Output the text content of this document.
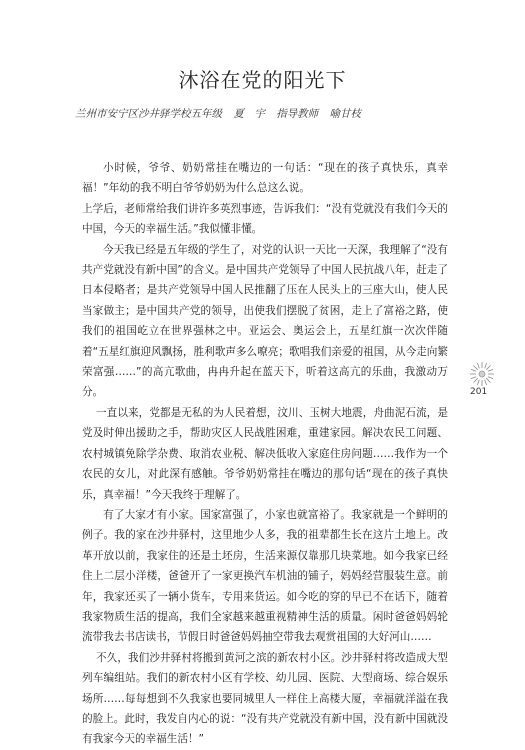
沐浴在党的阳光下
兰州市安宁区沙井驿学校五年级 夏　宇 指导教师 喻甘枝

小时候，爷爷、奶奶常挂在嘴边的一句话：“现在的孩子真快乐，真幸福！”年幼的我不明白爷爷奶奶为什么总这么说。

上学后，老师常给我们讲许多英烈事迹，告诉我们：“没有党就没有我们今天的中国，今天的幸福生活。”我似懂非懂。

今天我已经是五年级的学生了，对党的认识一天比一天深，我理解了“没有共产党就没有新中国”的含义。是中国共产党领导了中国人民抗战八年，赶走了日本侵略者；是共产党领导中国人民推翻了压在人民头上的三座大山，使人民当家做主；是中国共产党的领导，出使我们摆脱了贫困，走上了富裕之路，使我们的祖国屹立在世界强林之中。亚运会、奥运会上，五星红旗一次次伴随着“五星红旗迎风飘扬，胜利歌声多么嘹亮；歌唱我们亲爱的祖国，从今走向繁荣富强……”的高亢歌曲，冉冉升起在蓝天下，听着这高亢的乐曲，我激动万分。

一直以来，党都是无私的为人民着想，汶川、玉树大地震，舟曲泥石流，是党及时伸出援助之手，帮助灾区人民战胜困难，重建家园。解决农民工问题、农村城镇免除学杂费、取消农业税、解决低收入家庭住房问题……我作为一个农民的女儿，对此深有感触。爷爷奶奶常挂在嘴边的那句话“现在的孩子真快乐，真幸福！”今天我终于理解了。

有了大家才有小家。国家富强了，小家也就富裕了。我家就是一个鲜明的例子。我的家在沙井驿村，这里地少人多，我的祖辈都生长在这片土地上。改革开放以前，我家住的还是土坯房，生活来源仅靠那几块菜地。如今我家已经住上二层小洋楼，爸爸开了一家更换汽车机油的铺子，妈妈经营服装生意。前年，我家还买了一辆小货车，专用来货运。如今吃的穿的早已不在话下，随着我家物质生活的提高，我们全家越来越重视精神生活的质量。闲时爸爸妈妈轮流带我去书店读书，节假日时爸爸妈妈抽空带我去观赏祖国的大好河山……

不久，我们沙井驿村将搬到黄河之滨的新农村小区。沙井驿村将改造成大型列车编组站。我们的新农村小区有学校、幼儿园、医院、大型商场、综合娱乐场所……每每想到不久我家也要同城里人一样住上高楼大厦，幸福就洋溢在我的脸上。此时，我发自内心的说：“没有共产党就没有新中国，没有新中国就没有我家今天的幸福生活！”

201
